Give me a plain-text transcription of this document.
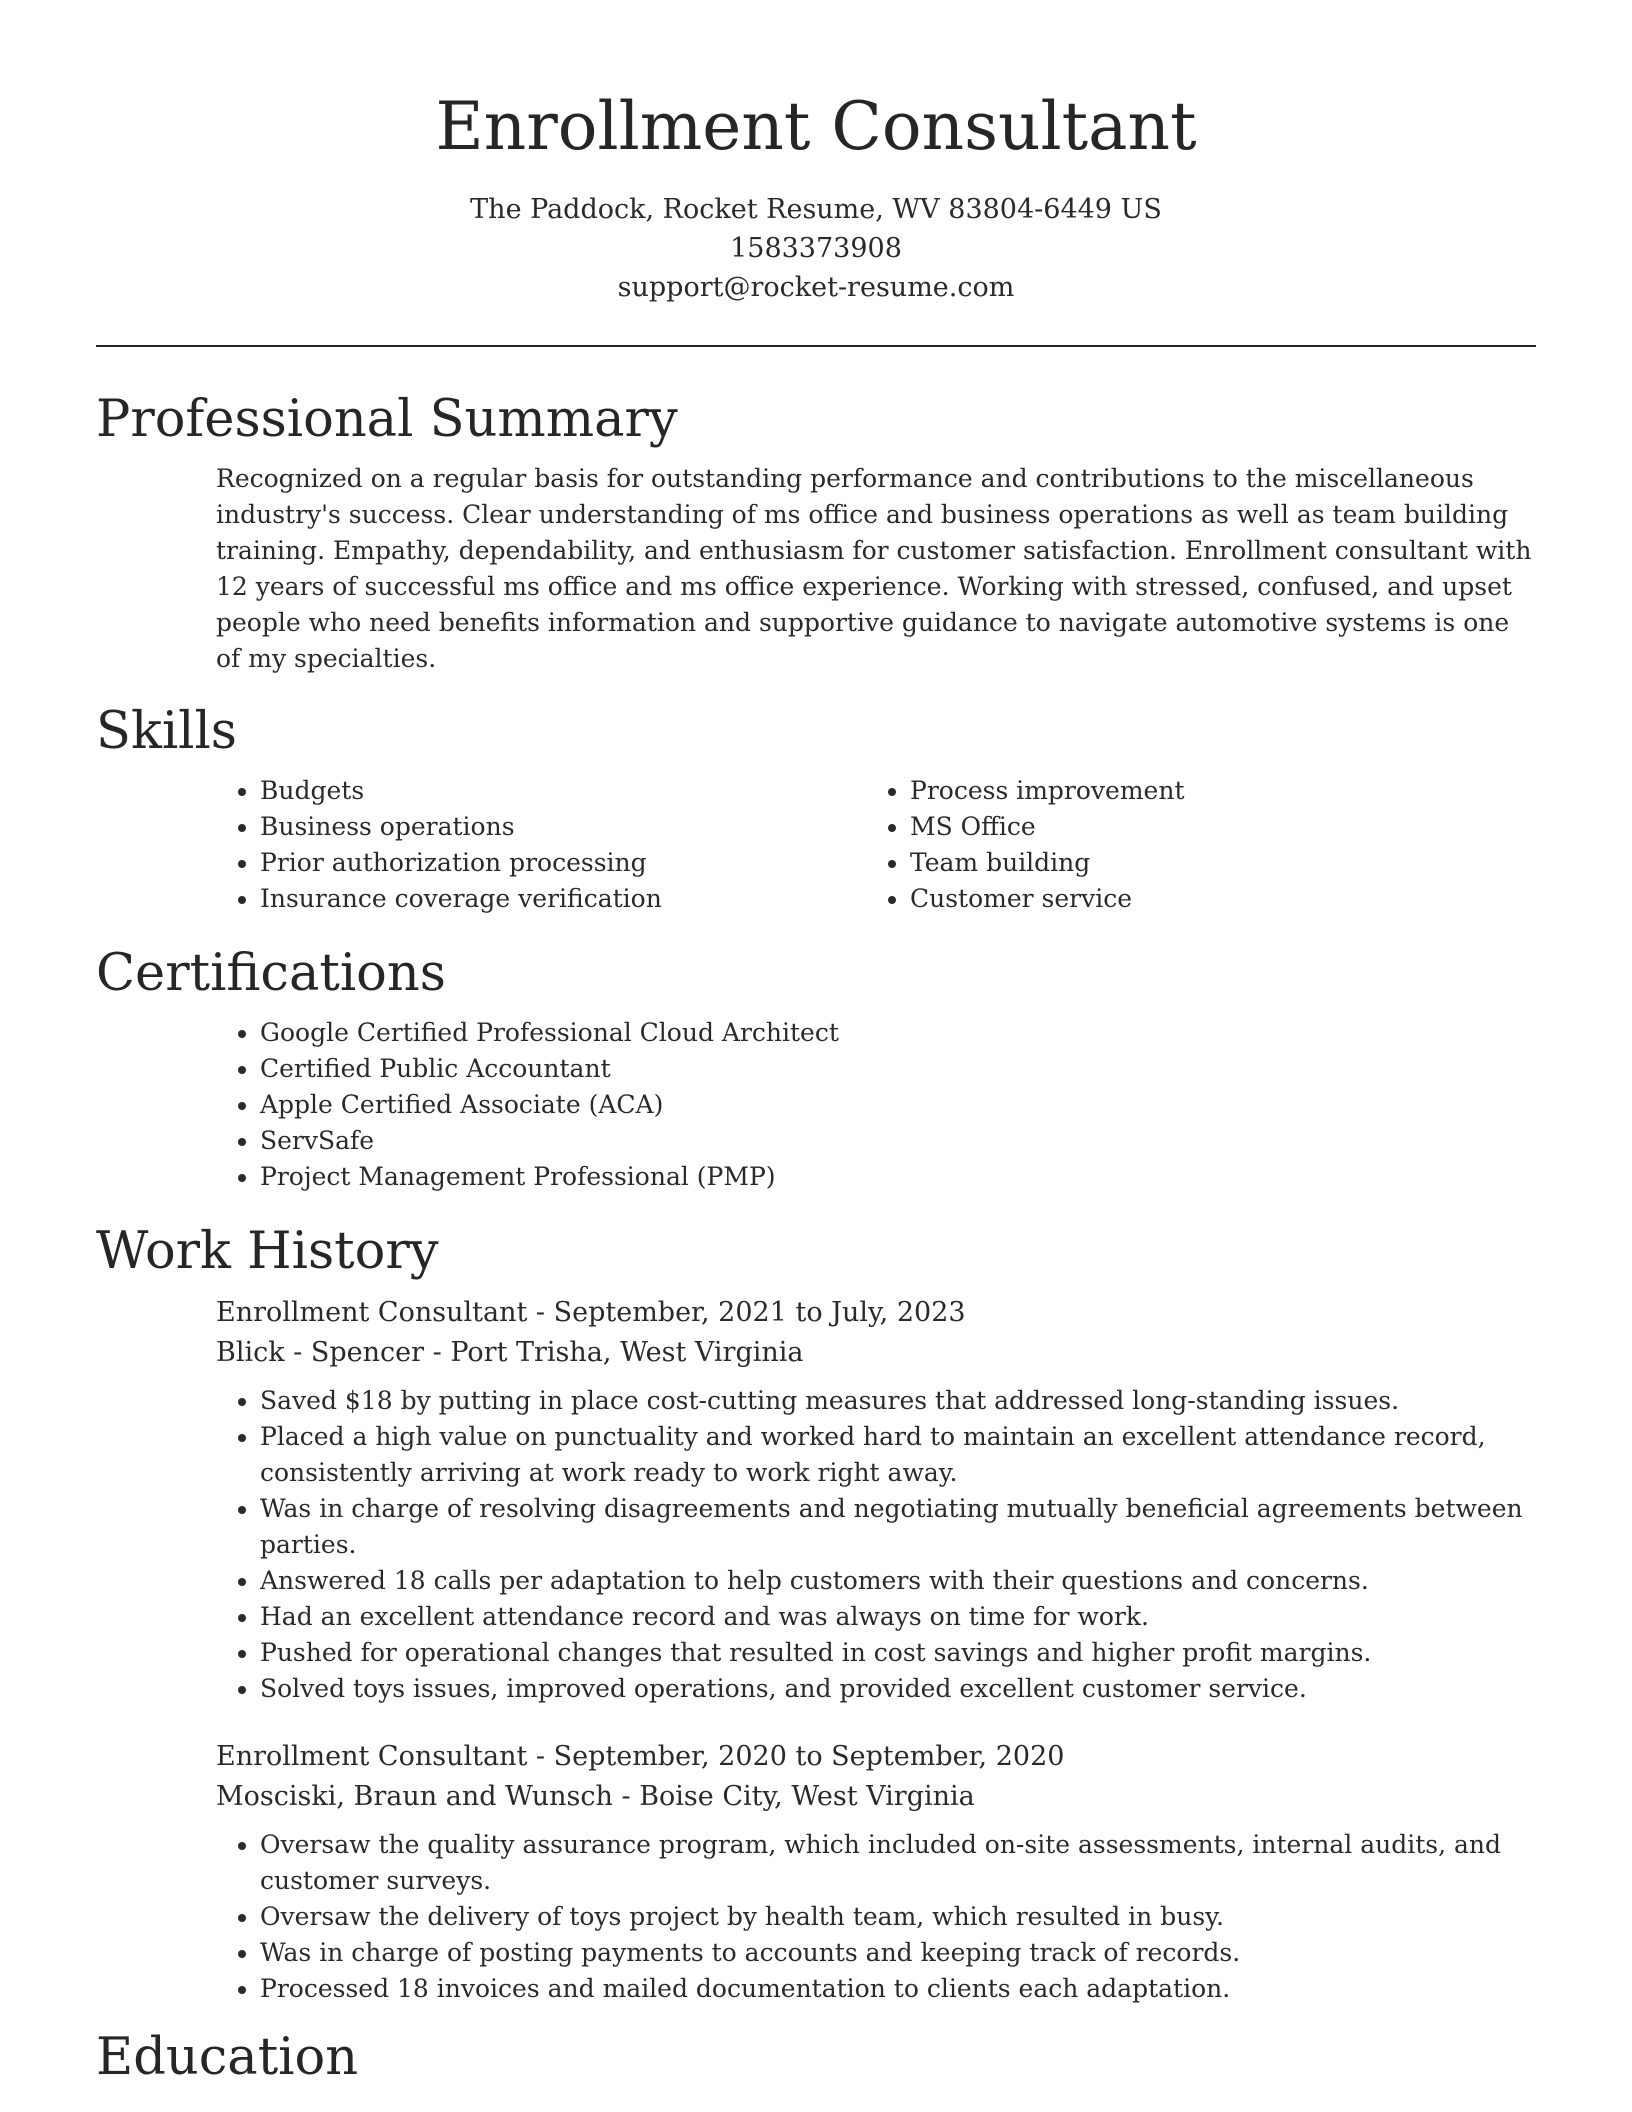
Enrollment Consultant
The Paddock, Rocket Resume, WV 83804-6449 US
1583373908
support@rocket-resume.com
Professional Summary

Recognized on a regular basis for outstanding performance and contributions to the miscellaneous industry's success. Clear understanding of ms office and business operations as well as team building training. Empathy, dependability, and enthusiasm for customer satisfaction. Enrollment consultant with 12 years of successful ms office and ms office experience. Working with stressed, confused, and upset people who need benefits information and supportive guidance to navigate automotive systems is one of my specialties.

Skills
• Budgets
• Business operations
• Prior authorization processing
• Insurance coverage verification
• Process improvement
• MS Office
• Team building
• Customer service
Certifications
• Google Certified Professional Cloud Architect
• Certified Public Accountant
• Apple Certified Associate (ACA)
• ServSafe
• Project Management Professional (PMP)
Work History
Enrollment Consultant - September, 2021 to July, 2023
Blick - Spencer - Port Trisha, West Virginia
• Saved $18 by putting in place cost-cutting measures that addressed long-standing issues.
• Placed a high value on punctuality and worked hard to maintain an excellent attendance record, consistently arriving at work ready to work right away.
• Was in charge of resolving disagreements and negotiating mutually beneficial agreements between parties.
• Answered 18 calls per adaptation to help customers with their questions and concerns.
• Had an excellent attendance record and was always on time for work.
• Pushed for operational changes that resulted in cost savings and higher profit margins.
• Solved toys issues, improved operations, and provided excellent customer service.
Enrollment Consultant - September, 2020 to September, 2020
Mosciski, Braun and Wunsch - Boise City, West Virginia
• Oversaw the quality assurance program, which included on-site assessments, internal audits, and customer surveys.
• Oversaw the delivery of toys project by health team, which resulted in busy.
• Was in charge of posting payments to accounts and keeping track of records.
• Processed 18 invoices and mailed documentation to clients each adaptation.
Education
